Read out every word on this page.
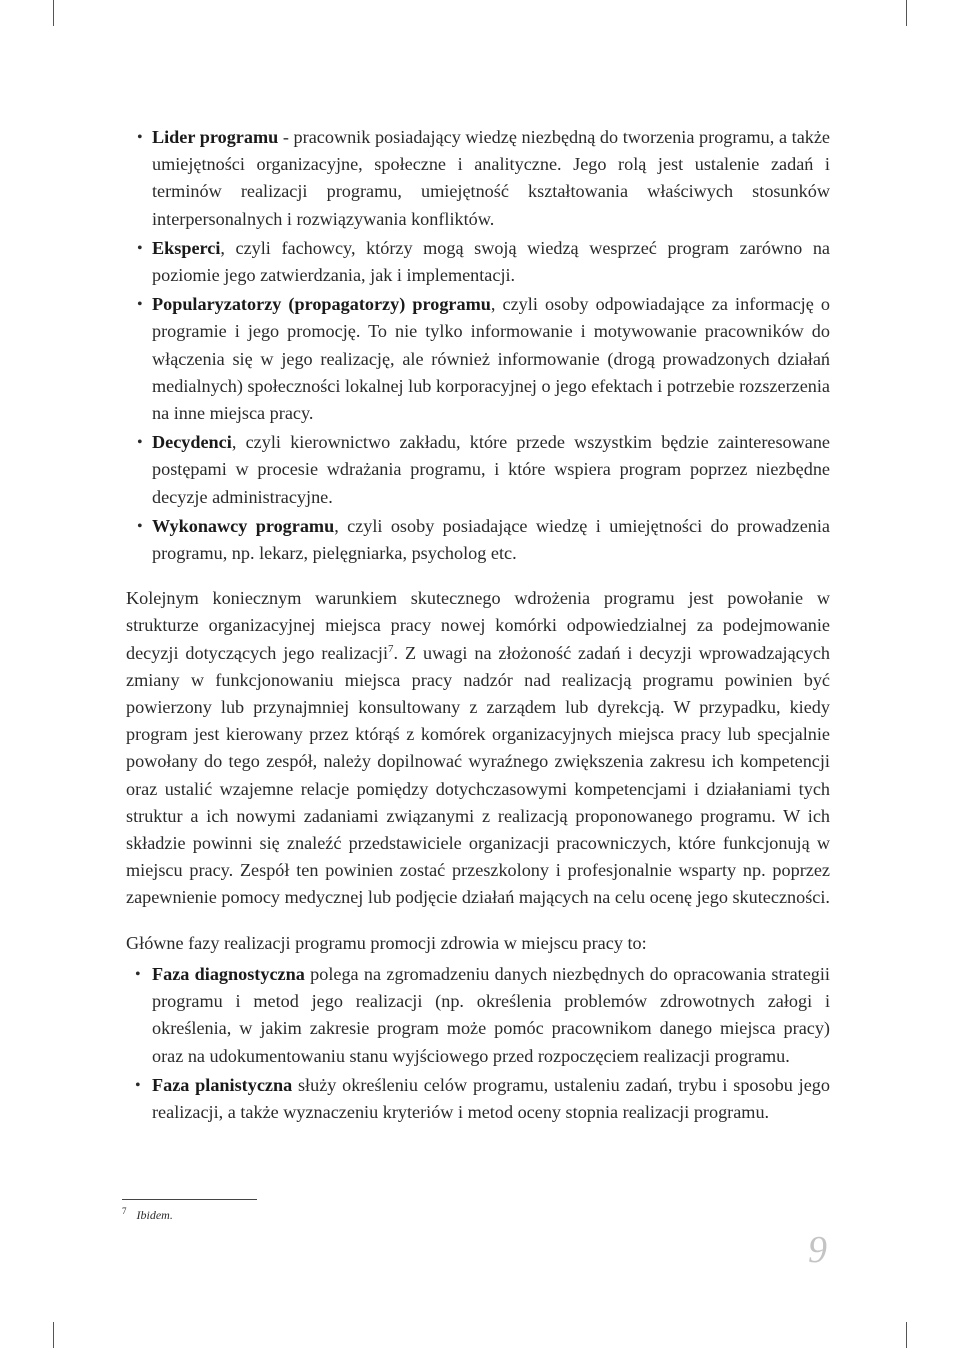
• Lider programu - pracownik posiadający wiedzę niezbędną do tworzenia programu, a także umiejętności organizacyjne, społeczne i analityczne. Jego rolą jest ustalenie zadań i terminów realizacji programu, umiejętność kształtowania właściwych stosunków interpersonalnych i rozwiązywania konfliktów.
• Eksperci, czyli fachowcy, którzy mogą swoją wiedzą wesprzeć program zarówno na poziomie jego zatwierdzania, jak i implementacji.
• Popularyzatorzy (propagatorzy) programu, czyli osoby odpowiadające za informację o programie i jego promocję. To nie tylko informowanie i motywowanie pracowników do włączenia się w jego realizację, ale również informowanie (drogą prowadzonych działań medialnych) społeczności lokalnej lub korporacyjnej o jego efektach i potrzebie rozszerzenia na inne miejsca pracy.
• Decydenci, czyli kierownictwo zakładu, które przede wszystkim będzie zainteresowane postępami w procesie wdrażania programu, i które wspiera program poprzez niezbędne decyzje administracyjne.
• Wykonawcy programu, czyli osoby posiadające wiedzę i umiejętności do prowadzenia programu, np. lekarz, pielęgniarka, psycholog etc.

Kolejnym koniecznym warunkiem skutecznego wdrożenia programu jest powołanie w strukturze organizacyjnej miejsca pracy nowej komórki odpowiedzialnej za podejmowanie decyzji dotyczących jego realizacji$^7$. Z uwagi na złożoność zadań i decyzji wprowadzających zmiany w funkcjonowaniu miejsca pracy nadzór nad realizacją programu powinien być powierzony lub przynajmniej konsultowany z zarządem lub dyrekcją. W przypadku, kiedy program jest kierowany przez którąś z komórek organizacyjnych miejsca pracy lub specjalnie powołany do tego zespół, należy dopilnować wyraźnego zwiększenia zakresu ich kompetencji oraz ustalić wzajemne relacje pomiędzy dotychczasowymi kompetencjami i działaniami tych struktur a ich nowymi zadaniami związanymi z realizacją proponowanego programu. W ich składzie powinni się znaleźć przedstawiciele organizacji pracowniczych, które funkcjonują w miejscu pracy. Zespół ten powinien zostać przeszkolony i profesjonalnie wsparty np. poprzez zapewnienie pomocy medycznej lub podjęcie działań mających na celu ocenę jego skuteczności.

Główne fazy realizacji programu promocji zdrowia w miejscu pracy to:

• Faza diagnostyczna polega na zgromadzeniu danych niezbędnych do opracowania strategii programu i metod jego realizacji (np. określenia problemów zdrowotnych załogi i określenia, w jakim zakresie program może pomóc pracownikom danego miejsca pracy) oraz na udokumentowaniu stanu wyjściowego przed rozpoczęciem realizacji programu.
• Faza planistyczna służy określeniu celów programu, ustaleniu zadań, trybu i sposobu jego realizacji, a także wyznaczeniu kryteriów i metod oceny stopnia realizacji programu.
$^7$ Ibidem.
9
